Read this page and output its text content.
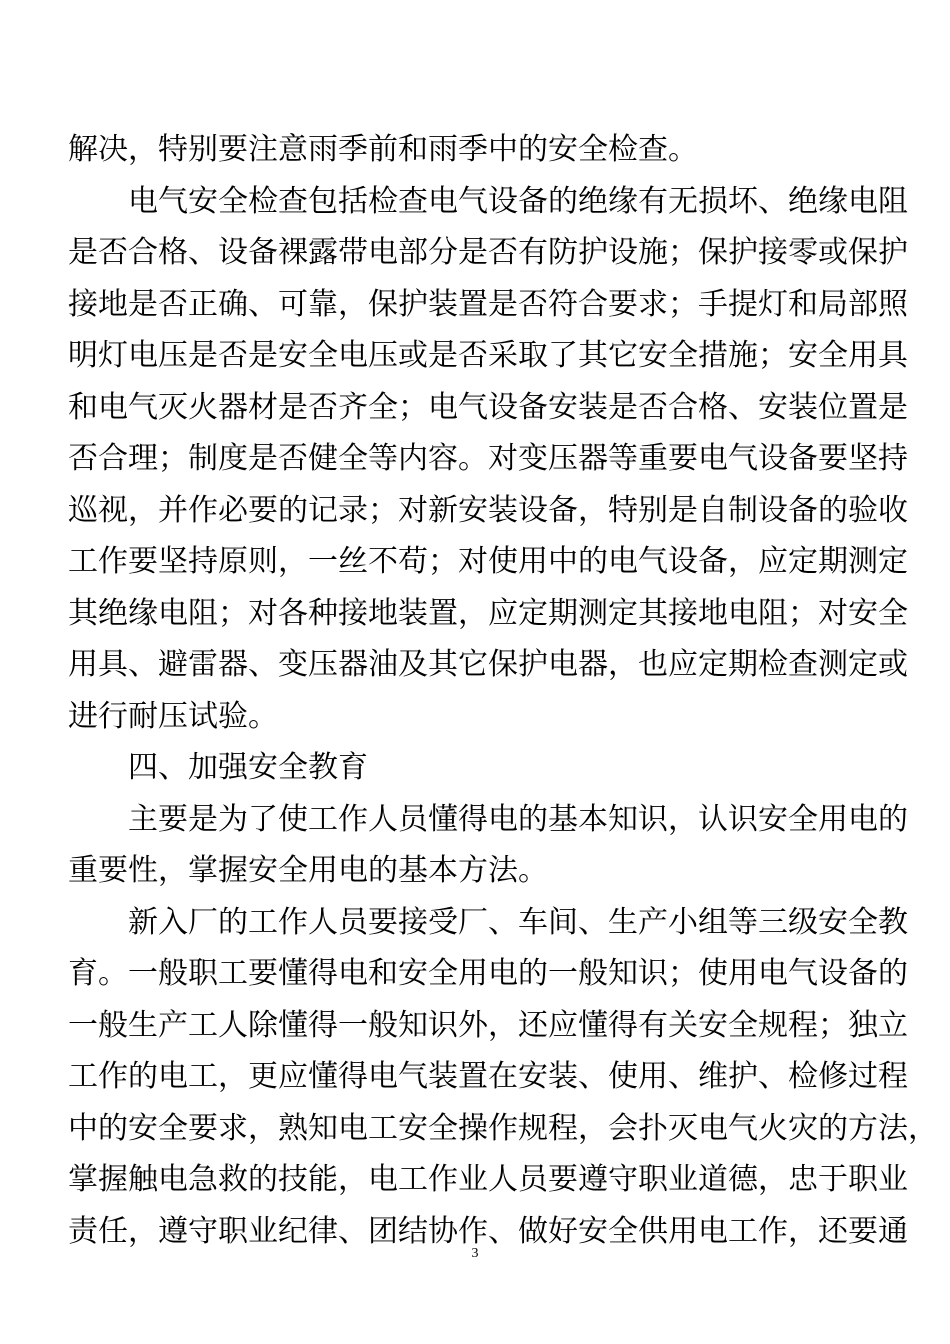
解决，特别要注意雨季前和雨季中的安全检查。
电气安全检查包括检查电气设备的绝缘有无损坏、绝缘电阻
是否合格、设备裸露带电部分是否有防护设施；保护接零或保护
接地是否正确、可靠，保护装置是否符合要求；手提灯和局部照
明灯电压是否是安全电压或是否采取了其它安全措施；安全用具
和电气灭火器材是否齐全；电气设备安装是否合格、安装位置是
否合理；制度是否健全等内容。对变压器等重要电气设备要坚持
巡视，并作必要的记录；对新安装设备，特别是自制设备的验收
工作要坚持原则，一丝不苟；对使用中的电气设备，应定期测定
其绝缘电阻；对各种接地装置，应定期测定其接地电阻；对安全
用具、避雷器、变压器油及其它保护电器，也应定期检查测定或
进行耐压试验。
四、加强安全教育
主要是为了使工作人员懂得电的基本知识，认识安全用电的
重要性，掌握安全用电的基本方法。
新入厂的工作人员要接受厂、车间、生产小组等三级安全教
育。一般职工要懂得电和安全用电的一般知识；使用电气设备的
一般生产工人除懂得一般知识外，还应懂得有关安全规程；独立
工作的电工，更应懂得电气装置在安装、使用、维护、检修过程
中的安全要求，熟知电工安全操作规程，会扑灭电气火灾的方法，
掌握触电急救的技能，电工作业人员要遵守职业道德，忠于职业
责任，遵守职业纪律、团结协作、做好安全供用电工作，还要通
3
